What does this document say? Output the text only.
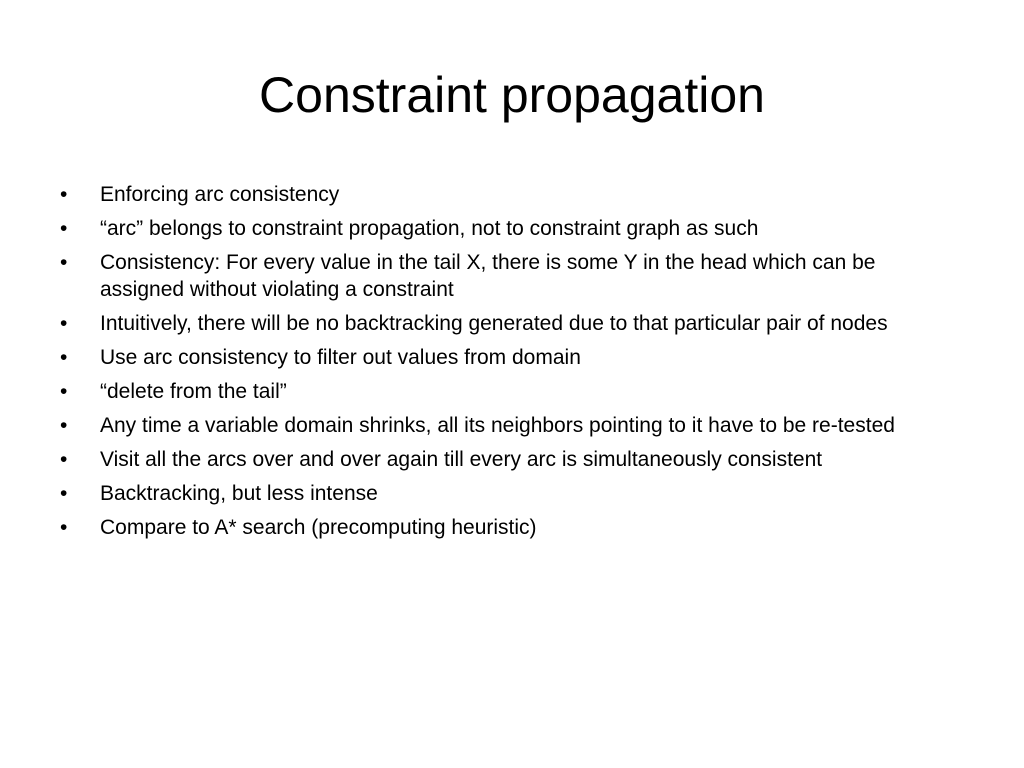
Constraint propagation
•	Enforcing arc consistency
•	“arc” belongs to constraint propagation, not to constraint graph as such
•	Consistency: For every value in the tail X, there is some Y in the head which can be assigned without violating a constraint
•	Intuitively, there will be no backtracking generated due to that particular pair of nodes
•	Use arc consistency to filter out values from domain
•	“delete from the tail”
•	Any time a variable domain shrinks, all its neighbors pointing to it have to be re-tested
•	Visit all the arcs over and over again till every arc is simultaneously consistent
•	Backtracking, but less intense
•	Compare to A* search (precomputing heuristic)
